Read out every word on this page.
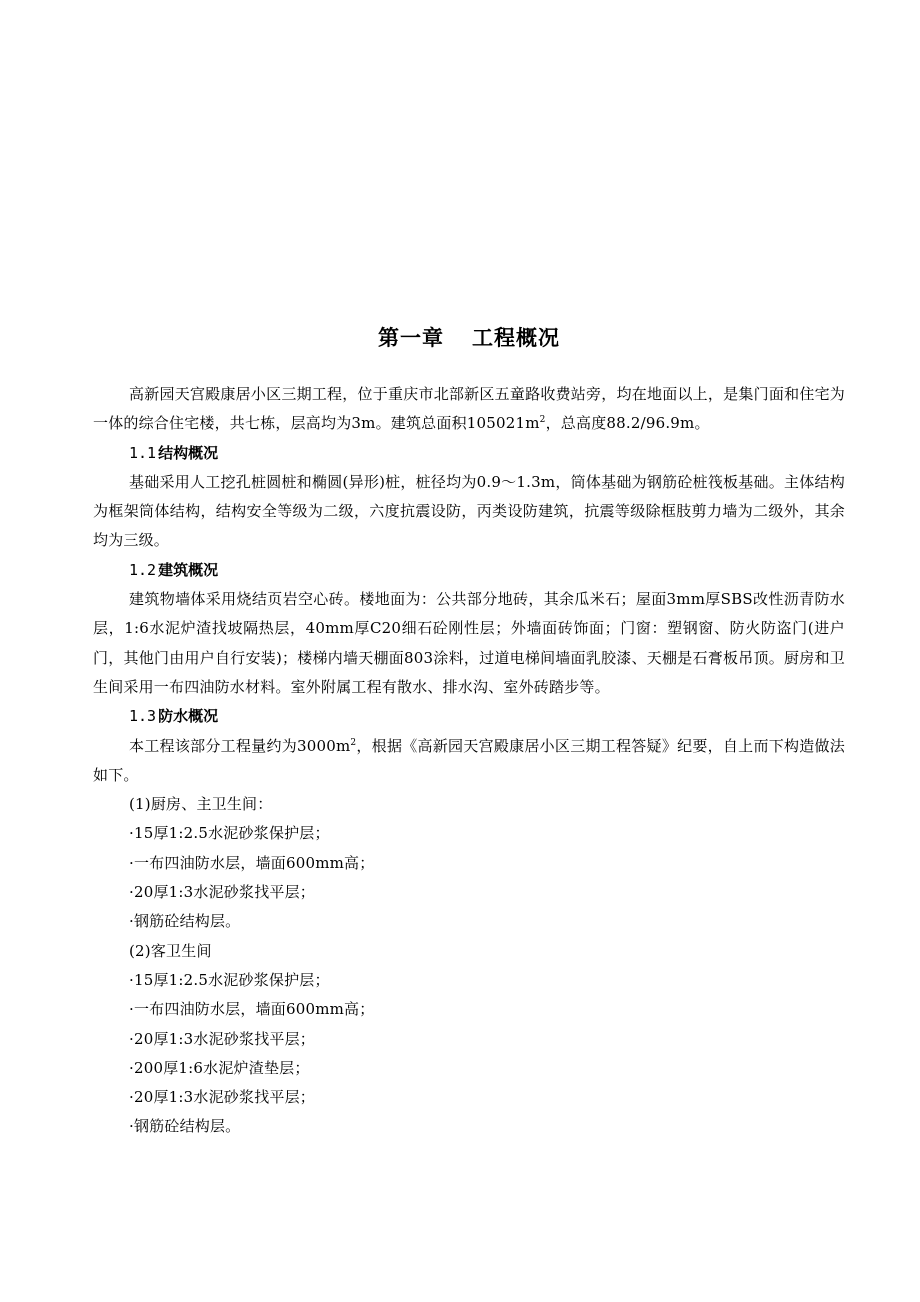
第一章 工程概况

高新园天宫殿康居小区三期工程，位于重庆市北部新区五童路收费站旁，均在地面以上，是集门面和住宅为一体的综合住宅楼，共七栋，层高均为3m。建筑总面积$105021m^2$，总高度88.2/96.9m。

1.1 结构概况

基础采用人工挖孔桩圆桩和椭圆(异形)桩，桩径均为0.9～1.3m，筒体基础为钢筋砼桩筏板基础。主体结构为框架筒体结构，结构安全等级为二级，六度抗震设防，丙类设防建筑，抗震等级除框肢剪力墙为二级外，其余均为三级。

1.2 建筑概况

建筑物墙体采用烧结页岩空心砖。楼地面为：公共部分地砖，其余瓜米石；屋面3mm厚SBS改性沥青防水层，1:6水泥炉渣找坡隔热层，40mm厚C20细石砼刚性层；外墙面砖饰面；门窗：塑钢窗、防火防盗门(进户门，其他门由用户自行安装)；楼梯内墙天棚面803涂料，过道电梯间墙面乳胶漆、天棚是石膏板吊顶。厨房和卫生间采用一布四油防水材料。室外附属工程有散水、排水沟、室外砖踏步等。

1.3 防水概况

本工程该部分工程量约为$3000m^2$，根据《高新园天宫殿康居小区三期工程答疑》纪要，自上而下构造做法如下。

(1)厨房、主卫生间：
·15厚1:2.5水泥砂浆保护层；
·一布四油防水层，墙面600mm高；
·20厚1:3水泥砂浆找平层；
·钢筋砼结构层。
(2)客卫生间
·15厚1:2.5水泥砂浆保护层；
·一布四油防水层，墙面600mm高；
·20厚1:3水泥砂浆找平层；
·200厚1:6水泥炉渣垫层；
·20厚1:3水泥砂浆找平层；
·钢筋砼结构层。
